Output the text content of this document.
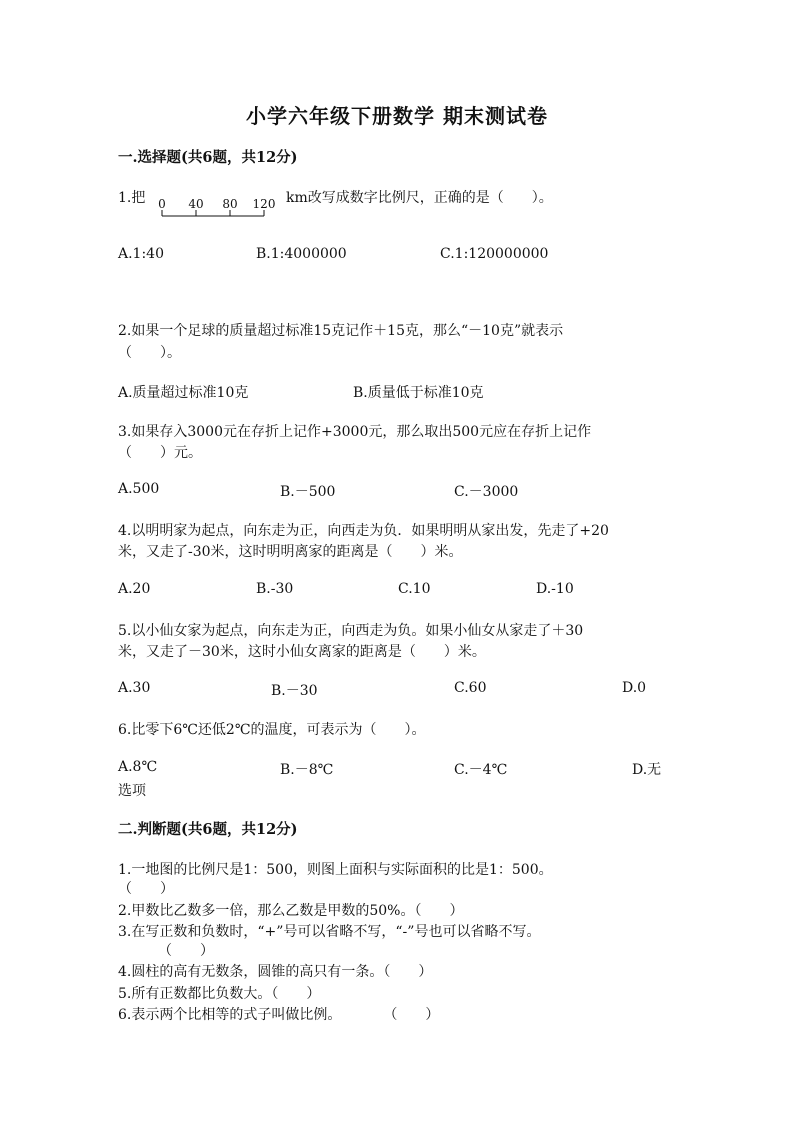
小学六年级下册数学 期末测试卷
一.选择题(共6题，共12分)
1.把 0 40 80 120 km改写成数字比例尺，正确的是（　　）。
A.1:40	B.1:4000000	C.1:120000000
2.如果一个足球的质量超过标准15克记作＋15克，那么“－10克”就表示
（　　）。
A.质量超过标准10克	B.质量低于标准10克
3.如果存入3000元在存折上记作+3000元，那么取出500元应在存折上记作
（　　）元。
A.500	B.－500	C.－3000
4.以明明家为起点，向东走为正，向西走为负．如果明明从家出发，先走了+20
米，又走了-30米，这时明明离家的距离是（　　）米。
A.20	B.-30	C.10	D.-10
5.以小仙女家为起点，向东走为正，向西走为负。如果小仙女从家走了＋30
米，又走了－30米，这时小仙女离家的距离是（　　）米。
A.30	B.－30	C.60	D.0
6.比零下6℃还低2℃的温度，可表示为（　　）。
A.8℃	B.－8℃	C.－4℃	D.无
选项
二.判断题(共6题，共12分)
1.一地图的比例尺是1：500，则图上面积与实际面积的比是1：500。
（　　）
2.甲数比乙数多一倍，那么乙数是甲数的50%。（　　）
3.在写正数和负数时，“+”号可以省略不写，“-”号也可以省略不写。
（　　）
4.圆柱的高有无数条，圆锥的高只有一条。（　　）
5.所有正数都比负数大。（　　）
6.表示两个比相等的式子叫做比例。　　　　（　　）
